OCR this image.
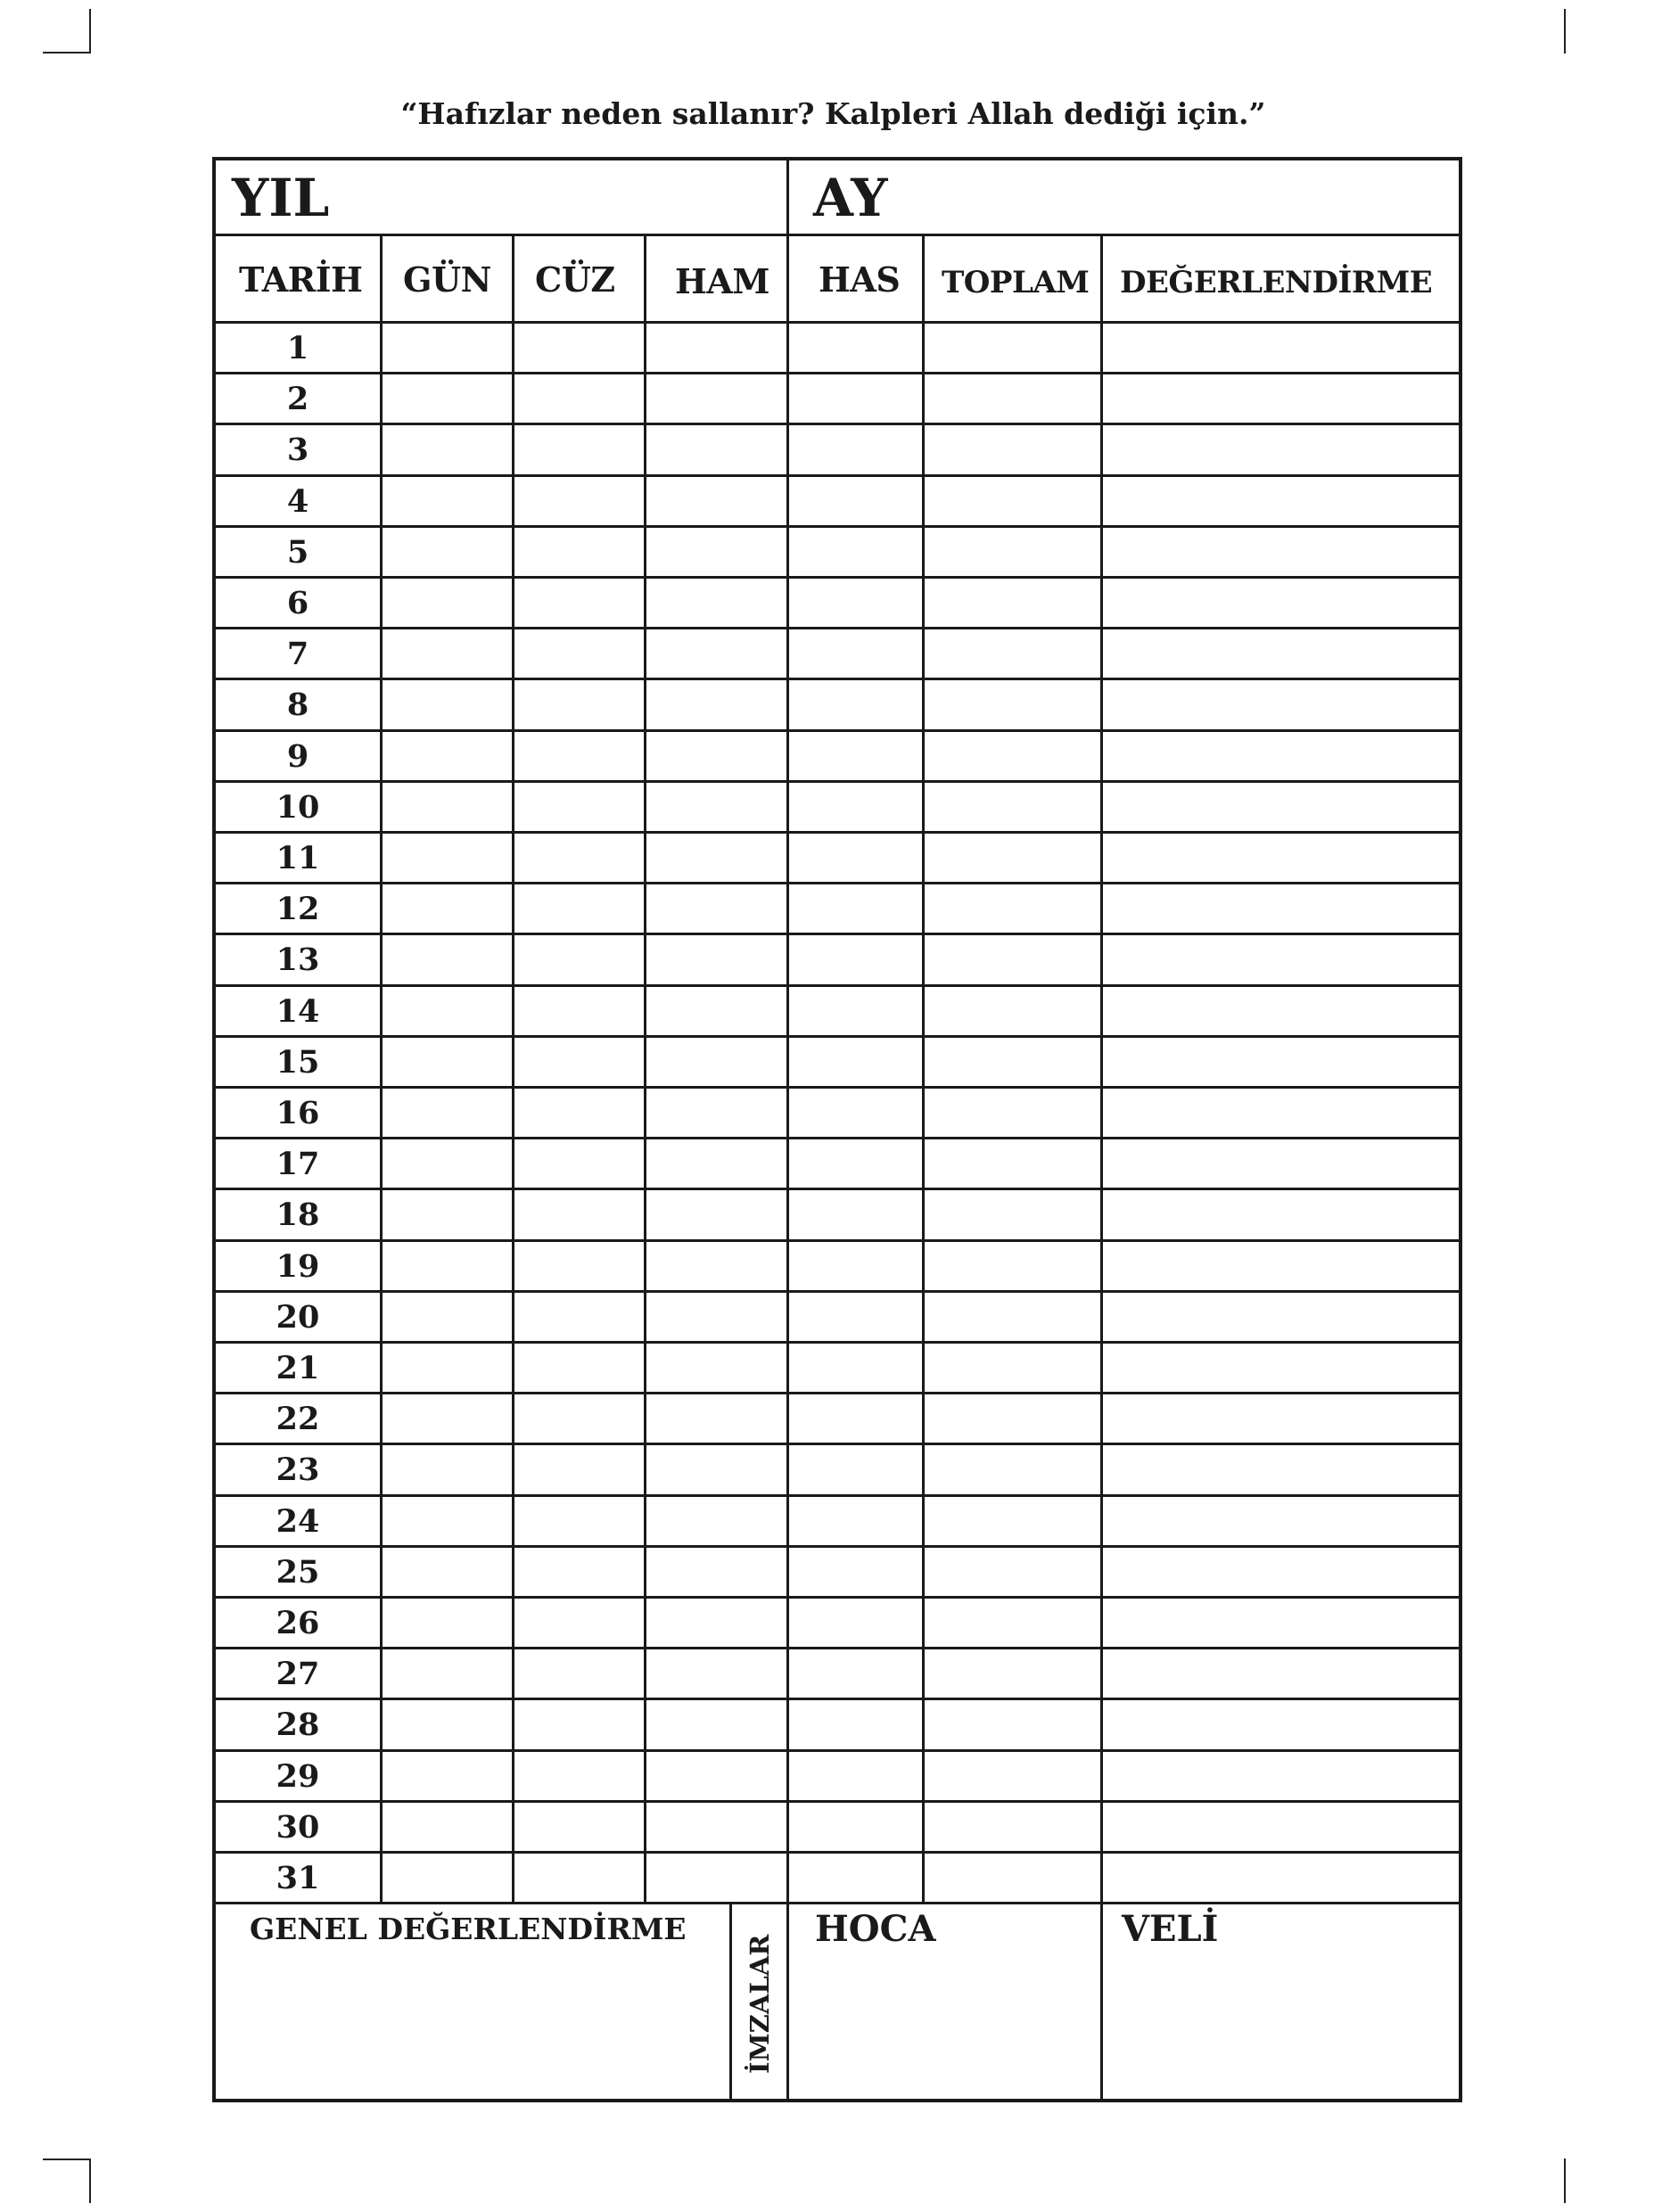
“Hafızlar neden sallanır? Kalpleri Allah dediği için.”

YIL	AY
TARİH GÜN CÜZ HAM HAS TOPLAM DEĞERLENDİRME
1
2
3
4
5
6
7
8
9
10
11
12
13
14
15
16
17
18
19
20
21
22
23
24
25
26
27
28
29
30
31
GENEL DEĞERLENDİRME
İMZALAR
HOCA	VELİ
